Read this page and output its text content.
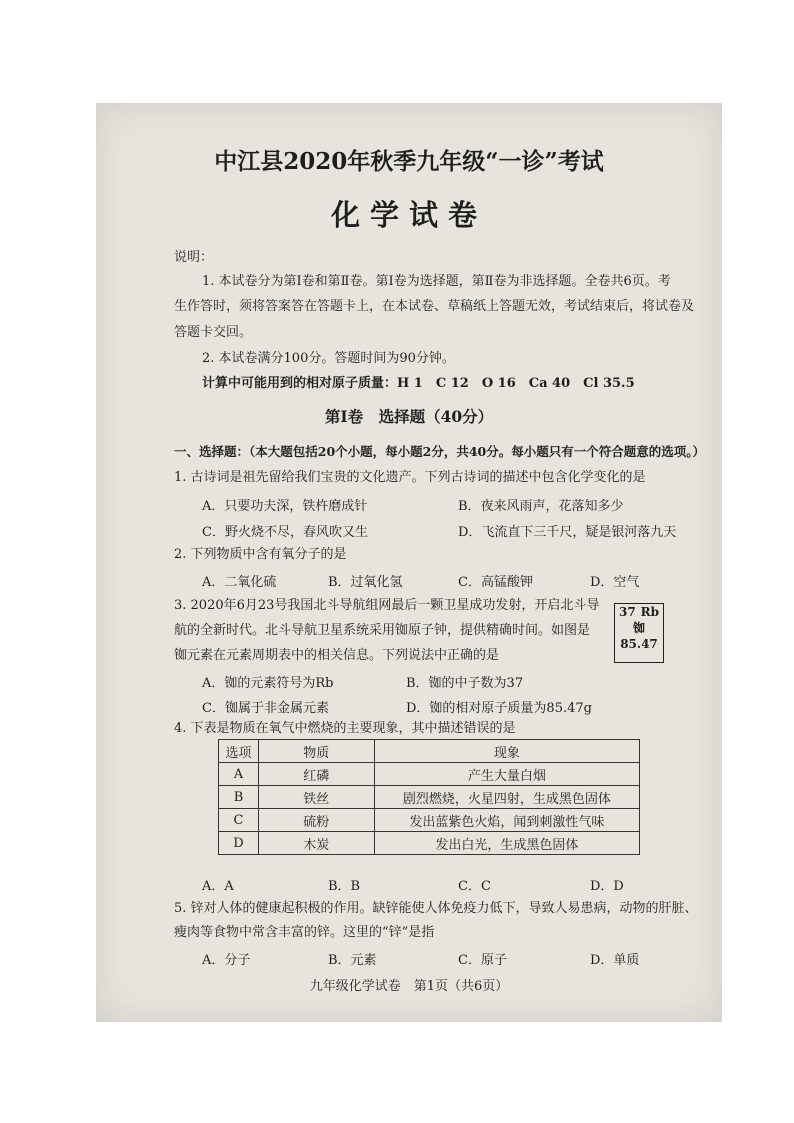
中江县2020年秋季九年级“一诊”考试
化学试卷
说明：
1. 本试卷分为第Ⅰ卷和第Ⅱ卷。第Ⅰ卷为选择题，第Ⅱ卷为非选择题。全卷共6页。考
生作答时，须将答案答在答题卡上，在本试卷、草稿纸上答题无效，考试结束后，将试卷及
答题卡交回。
2. 本试卷满分100分。答题时间为90分钟。
计算中可能用到的相对原子质量：H 1　C 12　O 16　Ca 40　Cl 35.5
第Ⅰ卷　选择题（40分）
一、选择题：（本大题包括20个小题，每小题2分，共40分。每小题只有一个符合题意的选项。）
1. 古诗词是祖先留给我们宝贵的文化遗产。下列古诗词的描述中包含化学变化的是
A．只要功夫深，铁杵磨成针	B．夜来风雨声，花落知多少
C．野火烧不尽，春风吹又生	D．飞流直下三千尺，疑是银河落九天
2. 下列物质中含有氧分子的是
A．二氧化硫	B．过氧化氢	C．高锰酸钾	D．空气
3. 2020年6月23号我国北斗导航组网最后一颗卫星成功发射，开启北斗导
航的全新时代。北斗导航卫星系统采用铷原子钟，提供精确时间。如图是
铷元素在元素周期表中的相关信息。下列说法中正确的是
A．铷的元素符号为Rb	B．铷的中子数为37
C．铷属于非金属元素	D．铷的相对原子质量为85.47g
37 Rb
铷
85.47
4. 下表是物质在氧气中燃烧的主要现象，其中描述错误的是
选项	物质	现象
A	红磷	产生大量白烟
B	铁丝	剧烈燃烧，火星四射，生成黑色固体
C	硫粉	发出蓝紫色火焰，闻到刺激性气味
D	木炭	发出白光，生成黑色固体
A．A	B．B	C．C	D．D
5. 锌对人体的健康起积极的作用。缺锌能使人体免疫力低下，导致人易患病，动物的肝脏、
瘦肉等食物中常含丰富的锌。这里的“锌”是指
A．分子	B．元素	C．原子	D．单质
九年级化学试卷　第1页（共6页）
